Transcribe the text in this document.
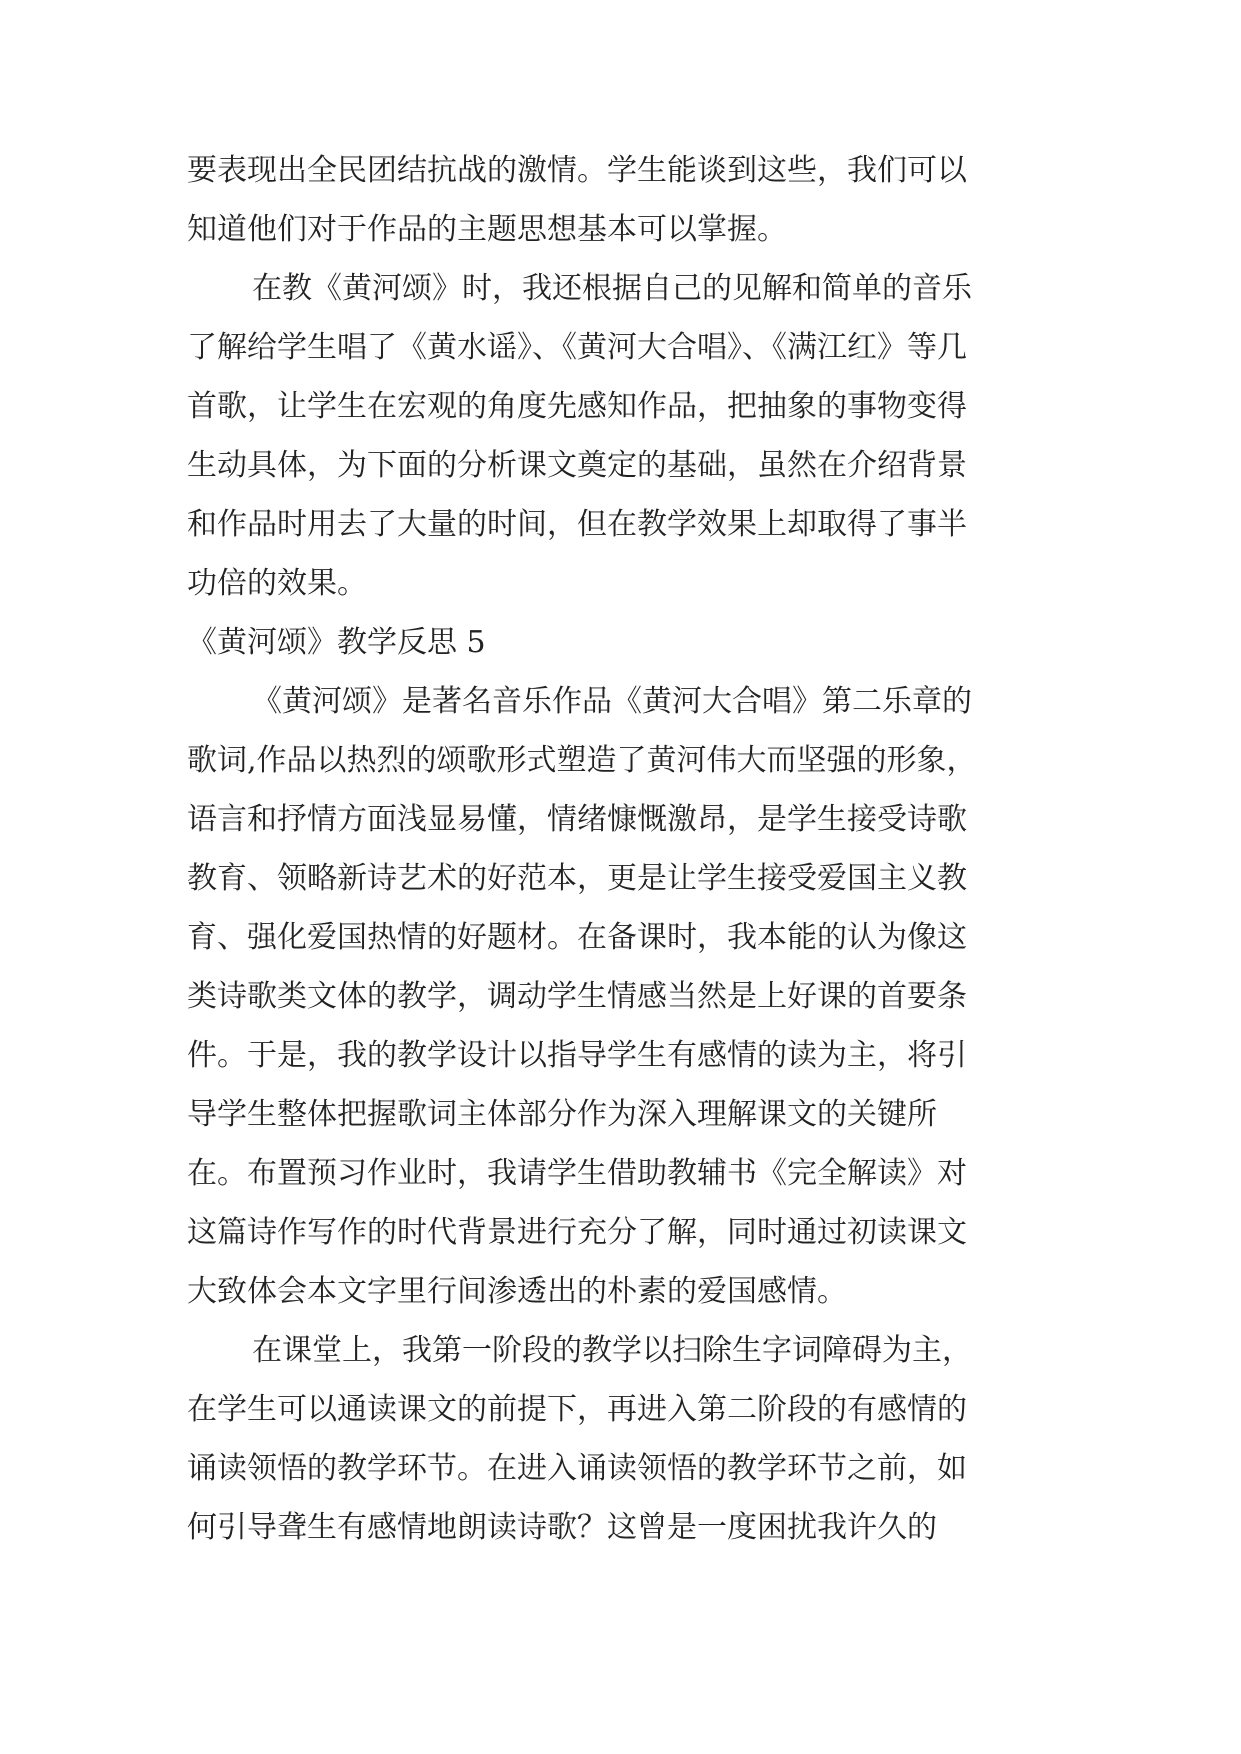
要表现出全民团结抗战的激情。学生能谈到这些，我们可以
知道他们对于作品的主题思想基本可以掌握。
在教《黄河颂》时，我还根据自己的见解和简单的音乐
了解给学生唱了《黄水谣》、《黄河大合唱》、《满江红》等几
首歌，让学生在宏观的角度先感知作品，把抽象的事物变得
生动具体，为下面的分析课文奠定的基础，虽然在介绍背景
和作品时用去了大量的时间，但在教学效果上却取得了事半
功倍的效果。
《黄河颂》教学反思 5
《黄河颂》是著名音乐作品《黄河大合唱》第二乐章的
歌词,作品以热烈的颂歌形式塑造了黄河伟大而坚强的形象，
语言和抒情方面浅显易懂，情绪慷慨激昂，是学生接受诗歌
教育、领略新诗艺术的好范本，更是让学生接受爱国主义教
育、强化爱国热情的好题材。在备课时，我本能的认为像这
类诗歌类文体的教学，调动学生情感当然是上好课的首要条
件。于是，我的教学设计以指导学生有感情的读为主，将引
导学生整体把握歌词主体部分作为深入理解课文的关键所
在。布置预习作业时，我请学生借助教辅书《完全解读》对
这篇诗作写作的时代背景进行充分了解，同时通过初读课文
大致体会本文字里行间渗透出的朴素的爱国感情。
在课堂上，我第一阶段的教学以扫除生字词障碍为主，
在学生可以通读课文的前提下，再进入第二阶段的有感情的
诵读领悟的教学环节。在进入诵读领悟的教学环节之前，如
何引导聋生有感情地朗读诗歌？这曾是一度困扰我许久的
